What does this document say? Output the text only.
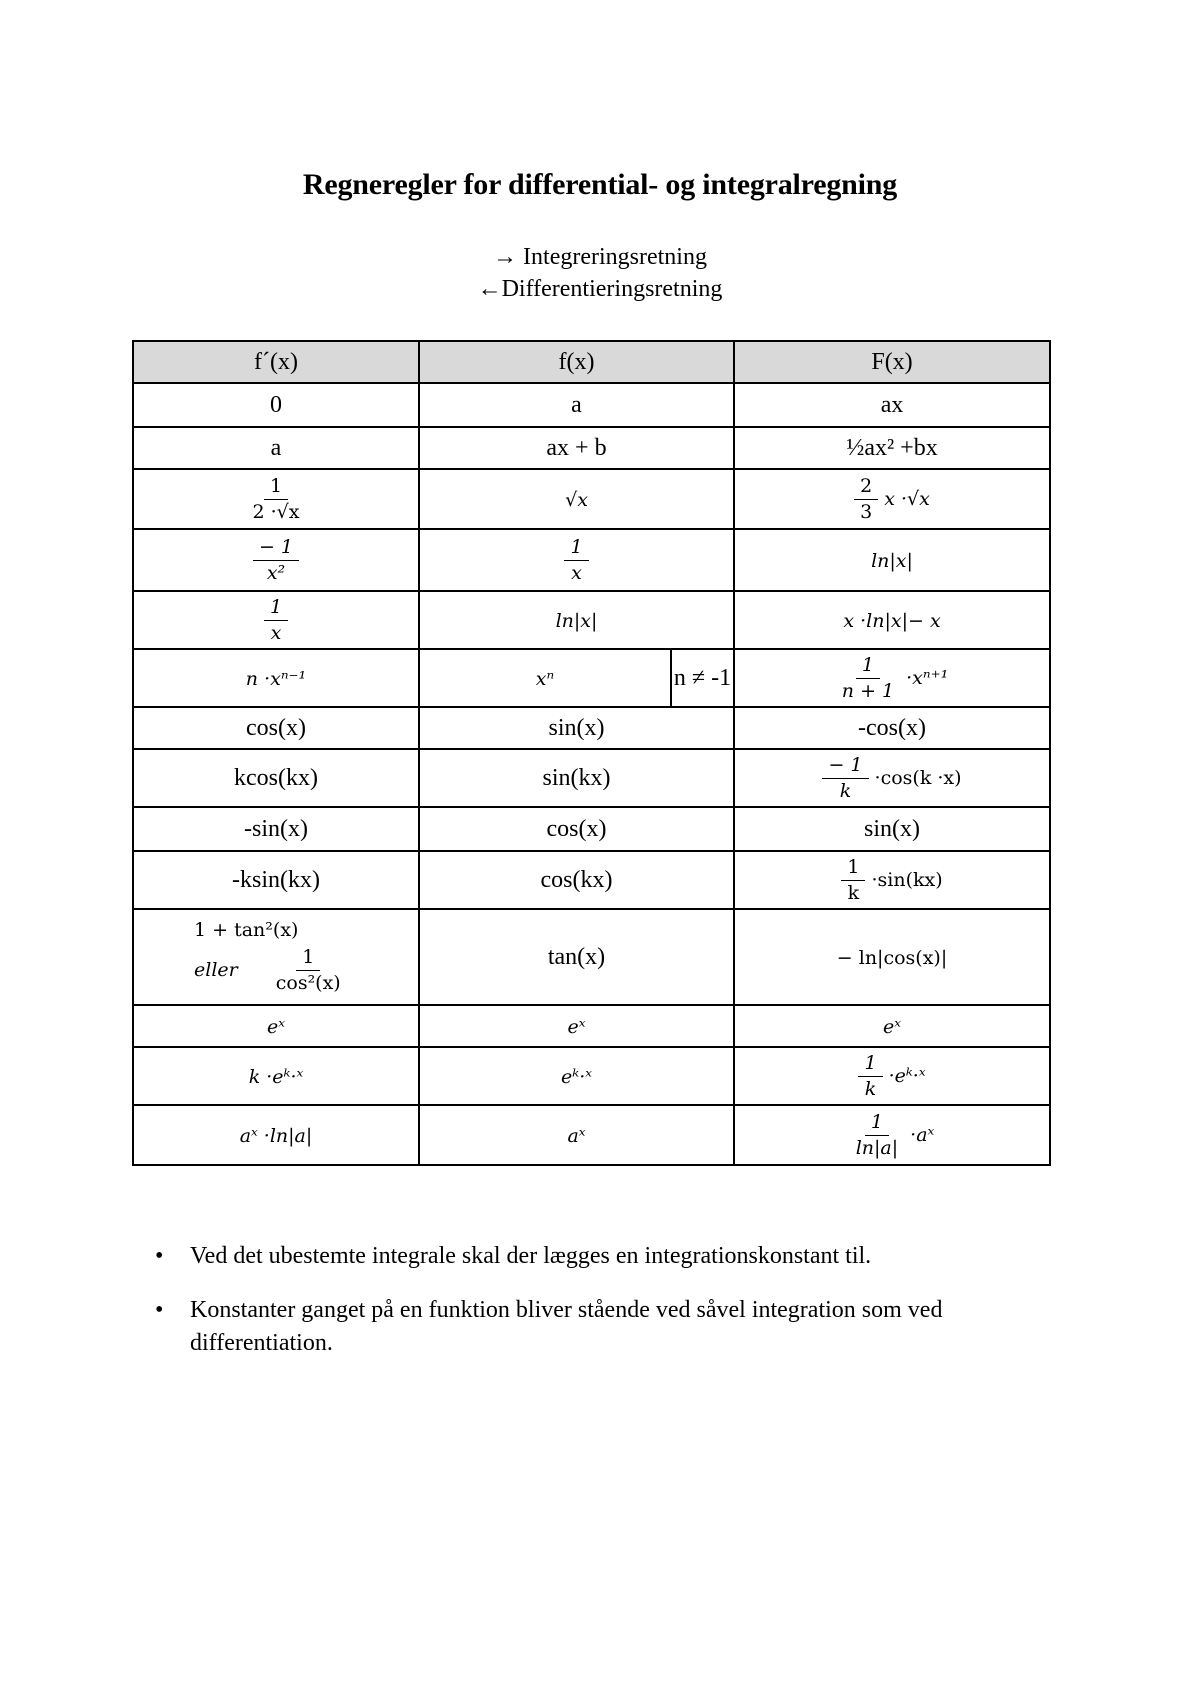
Regneregler for differential- og integralregning
→ Integreringsretning
←Differentieringsretning
f´(x)	f(x)		F(x)
0	a		ax
a	ax + b		½ax² +bx

$\frac{1}{2 \cdot√x}$	√x		$\frac{2}{3}$ x ·√x

$\frac{- 1}{\text{x²}}$	$\frac{1}{x}$		ln|x|

$\frac{1}{x}$	ln|x|		x ·ln|x|− x
n ·xⁿ⁻¹	xⁿ	n ≠ -1	$\frac{1}{n + 1} \cdot x^{n+1}$
cos(x)	sin(x)		-cos(x)
kcos(kx)	sin(kx)		$\frac{- 1}{k} \cdot\cos(k \cdot x)$
-sin(x)	cos(x)		sin(x)
-ksin(kx)	cos(kx)		$\frac{1}{k} \cdot\sin(kx)$

1 + tan²(x)
eller $\frac{1}{\text{cos²(x)}}$	tan(x)		− ln|cos(x)|
eˣ	eˣ		eˣ
k ·eᵏ·ˣ	eᵏ·ˣ		$\frac{1}{k}$ ·eᵏ·ˣ
aˣ ·ln|a|	aˣ		$\frac{1}{\ln|a|}$ ·aˣ
• Ved det ubestemte integrale skal der lægges en integrationskonstant til.
• Konstanter ganget på en funktion bliver stående ved såvel integration som ved differentiation.
